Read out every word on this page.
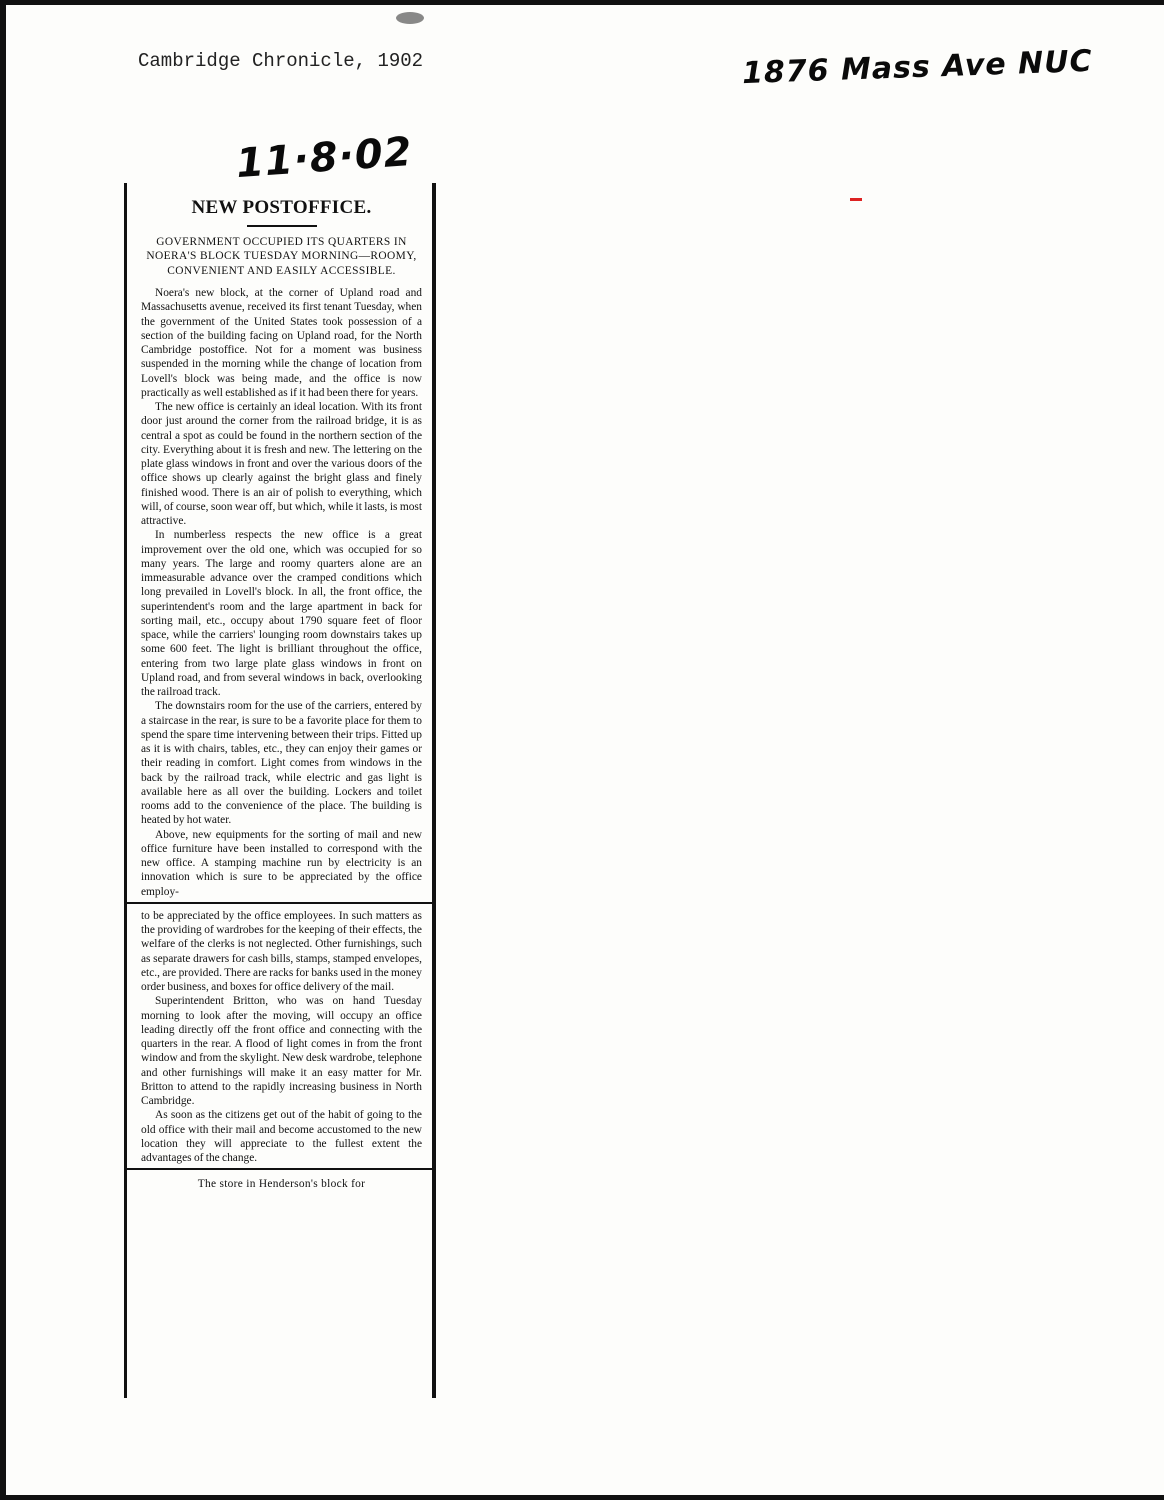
Cambridge Chronicle, 1902	1876 Mass Ave NUC
11·8·02
NEW POSTOFFICE.
GOVERNMENT OCCUPIED ITS QUARTERS IN NOERA'S BLOCK TUESDAY MORNING—ROOMY, CONVENIENT AND EASILY ACCESSIBLE.

Noera's new block, at the corner of Upland road and Massachusetts avenue, received its first tenant Tuesday, when the government of the United States took possession of a section of the building facing on Upland road, for the North Cambridge postoffice. Not for a moment was business suspended in the morning while the change of location from Lovell's block was being made, and the office is now practically as well established as if it had been there for years.

The new office is certainly an ideal location. With its front door just around the corner from the railroad bridge, it is as central a spot as could be found in the northern section of the city. Everything about it is fresh and new. The lettering on the plate glass windows in front and over the various doors of the office shows up clearly against the bright glass and finely finished wood. There is an air of polish to everything, which will, of course, soon wear off, but which, while it lasts, is most attractive.

In numberless respects the new office is a great improvement over the old one, which was occupied for so many years. The large and roomy quarters alone are an immeasurable advance over the cramped conditions which long prevailed in Lovell's block. In all, the front office, the superintendent's room and the large apartment in back for sorting mail, etc., occupy about 1790 square feet of floor space, while the carriers' lounging room downstairs takes up some 600 feet. The light is brilliant throughout the office, entering from two large plate glass windows in front on Upland road, and from several windows in back, overlooking the railroad track.

The downstairs room for the use of the carriers, entered by a staircase in the rear, is sure to be a favorite place for them to spend the spare time intervening between their trips. Fitted up as it is with chairs, tables, etc., they can enjoy their games or their reading in comfort. Light comes from windows in the back by the railroad track, while electric and gas light is available here as all over the building. Lockers and toilet rooms add to the convenience of the place. The building is heated by hot water.

Above, new equipments for the sorting of mail and new office furniture have been installed to correspond with the new office. A stamping machine run by electricity is an innovation which is sure to be appreciated by the office employ-

to be appreciated by the office employees. In such matters as the providing of wardrobes for the keeping of their effects, the welfare of the clerks is not neglected. Other furnishings, such as separate drawers for cash bills, stamps, stamped envelopes, etc., are provided. There are racks for banks used in the money order business, and boxes for office delivery of the mail.

Superintendent Britton, who was on hand Tuesday morning to look after the moving, will occupy an office leading directly off the front office and connecting with the quarters in the rear. A flood of light comes in from the front window and from the skylight. New desk wardrobe, telephone and other furnishings will make it an easy matter for Mr. Britton to attend to the rapidly increasing business in North Cambridge.

As soon as the citizens get out of the habit of going to the old office with their mail and become accustomed to the new location they will appreciate to the fullest extent the advantages of the change.

The store in Henderson's block for
